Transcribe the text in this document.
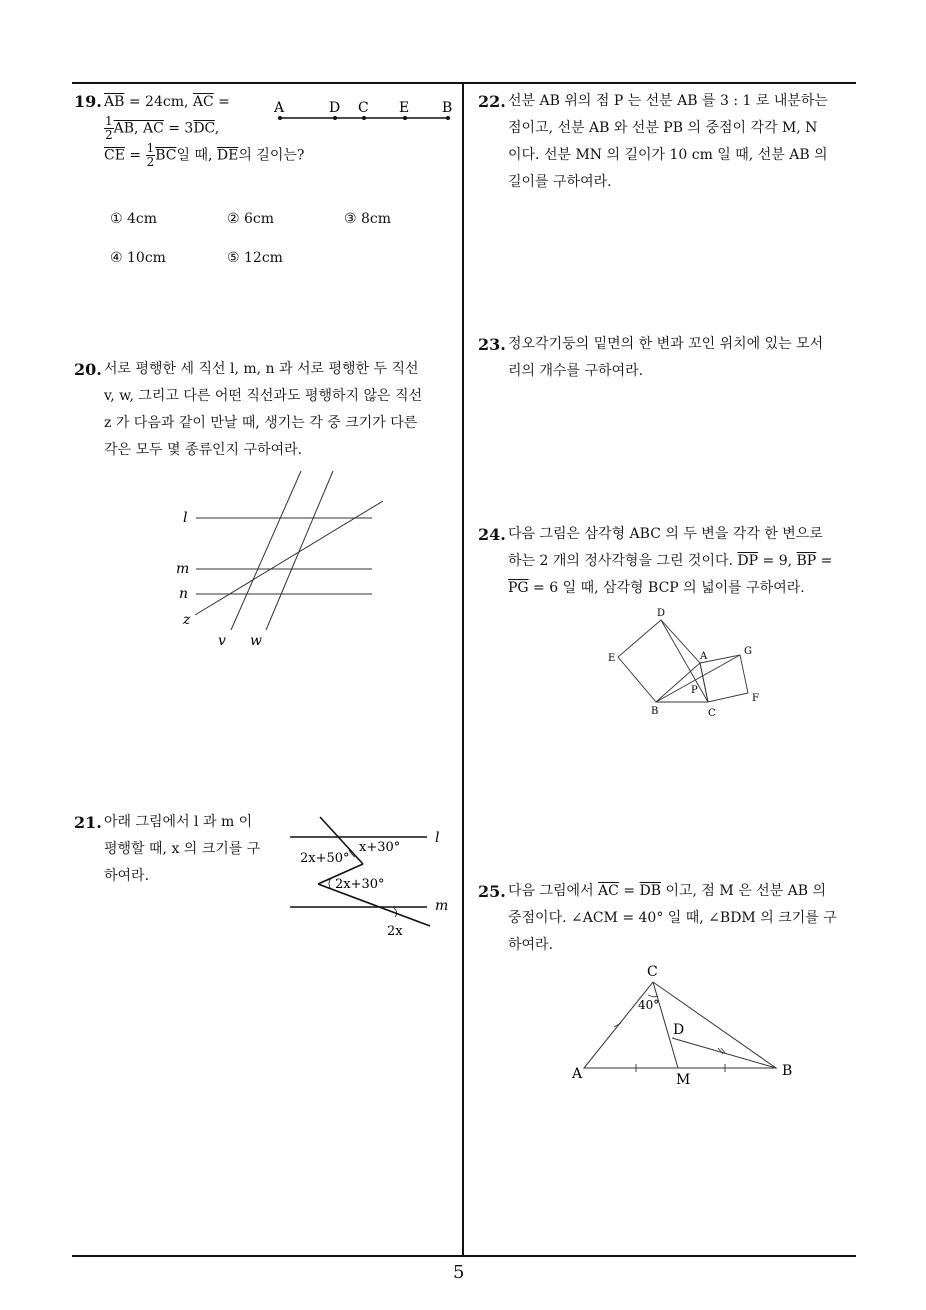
19. $\overline{AB} = 24cm$, $\overline{AC}$ =
$\frac{1}{2}$ AB, $\overline{AC} = 3\overline{DC}$,
$\overline{CE} = \frac{1}{2} \overline{BC}$일 때, $\overline{DE}$의 길이는?
A	D C E B
① 4cm	② 6cm	③ 8cm
④ 10cm	⑤ 12cm
20. 서로 평행한 세 직선 l, m, n 과 서로 평행한 두 직선
v, w, 그리고 다른 어떤 직선과도 평행하지 않은 직선
z 가 다음과 같이 만날 때, 생기는 각 중 크기가 다른
각은 모두 몇 종류인지 구하여라.
l
m
n
z
v w
21. 아래 그림에서 l 과 m 이
평행할 때, x 의 크기를 구
하여라.
l
m
2x+50°
x+30°
2x+30°
2x
22. 선분 AB 위의 점 P 는 선분 AB 를 3 : 1 로 내분하는
점이고, 선분 AB 와 선분 PB 의 중점이 각각 M, N
이다. 선분 MN 의 길이가 10 cm 일 때, 선분 AB 의
길이를 구하여라.
23. 정오각기둥의 밑면의 한 변과 꼬인 위치에 있는 모서
리의 개수를 구하여라.
24. 다음 그림은 삼각형 ABC 의 두 변을 각각 한 변으로
하는 2 개의 정사각형을 그린 것이다. $\overline{DP} = 9$, $\overline{BP}$ =
$\overline{PG} = 6$ 일 때, 삼각형 BCP 의 넓이를 구하여라.
D
E	A	G
P
F
B	C
25. 다음 그림에서 $\overline{AC} = \overline{DB}$ 이고, 점 M 은 선분 AB 의
중점이다. ∠ACM = 40° 일 때, ∠BDM 의 크기를 구
하여라.
C
40°
D
A	M
B
5
